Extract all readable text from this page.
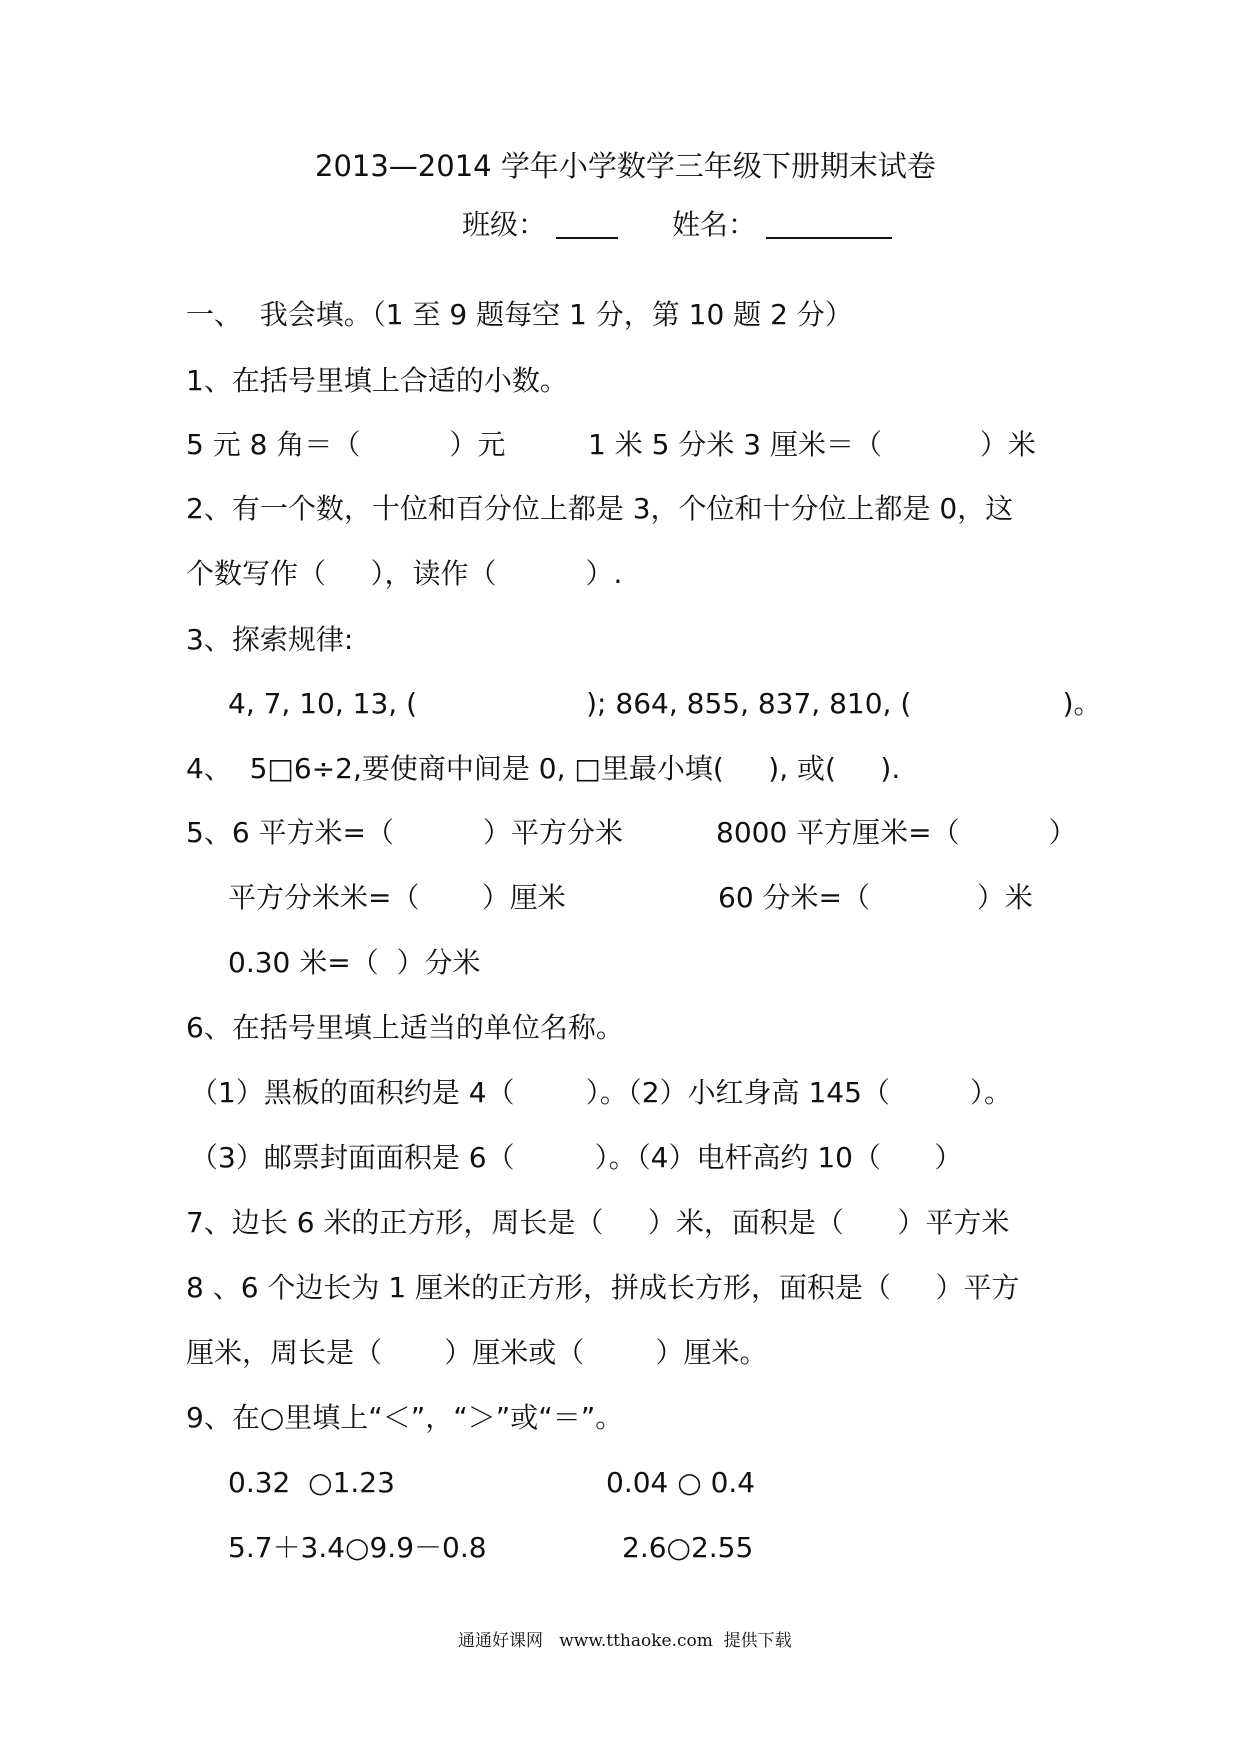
2013—2014 学年小学数学三年级下册期末试卷
班级：	姓名：
一、  我会填。（1 至 9 题每空 1 分，第 10 题 2 分）
1、在括号里填上合适的小数。
5 元 8 角＝（          ）元	1 米 5 分米 3 厘米＝（           ）米
2、有一个数，十位和百分位上都是 3，个位和十分位上都是 0，这
个数写作（     ），读作（          ）.
3、探索规律:
4, 7, 10, 13, (                   ); 864, 855, 837, 810, (                 )。
4、  5□6÷2,要使商中间是 0, □里最小填(     ), 或(     ).
5、6 平方米=（          ）平方分米	8000 平方厘米=（          ）
平方分米米=（       ）厘米	60 分米=（            ）米
0.30 米=（  ）分米
6、在括号里填上适当的单位名称。
（1）黑板的面积约是 4（        ）。（2）小红身高 145（         ）。
（3）邮票封面面积是 6（         ）。（4）电杆高约 10（      ）
7、边长 6 米的正方形，周长是（     ）米，面积是（      ）平方米
8 、6 个边长为 1 厘米的正方形，拼成长方形，面积是（     ）平方
厘米，周长是（       ）厘米或（        ）厘米。
9、在○里填上“＜”，“＞”或“＝”。
0.32  ○1.23	0.04 ○ 0.4
5.7＋3.4○9.9－0.8	2.6○2.55
通通好课网   www.tthaoke.com  提供下载
